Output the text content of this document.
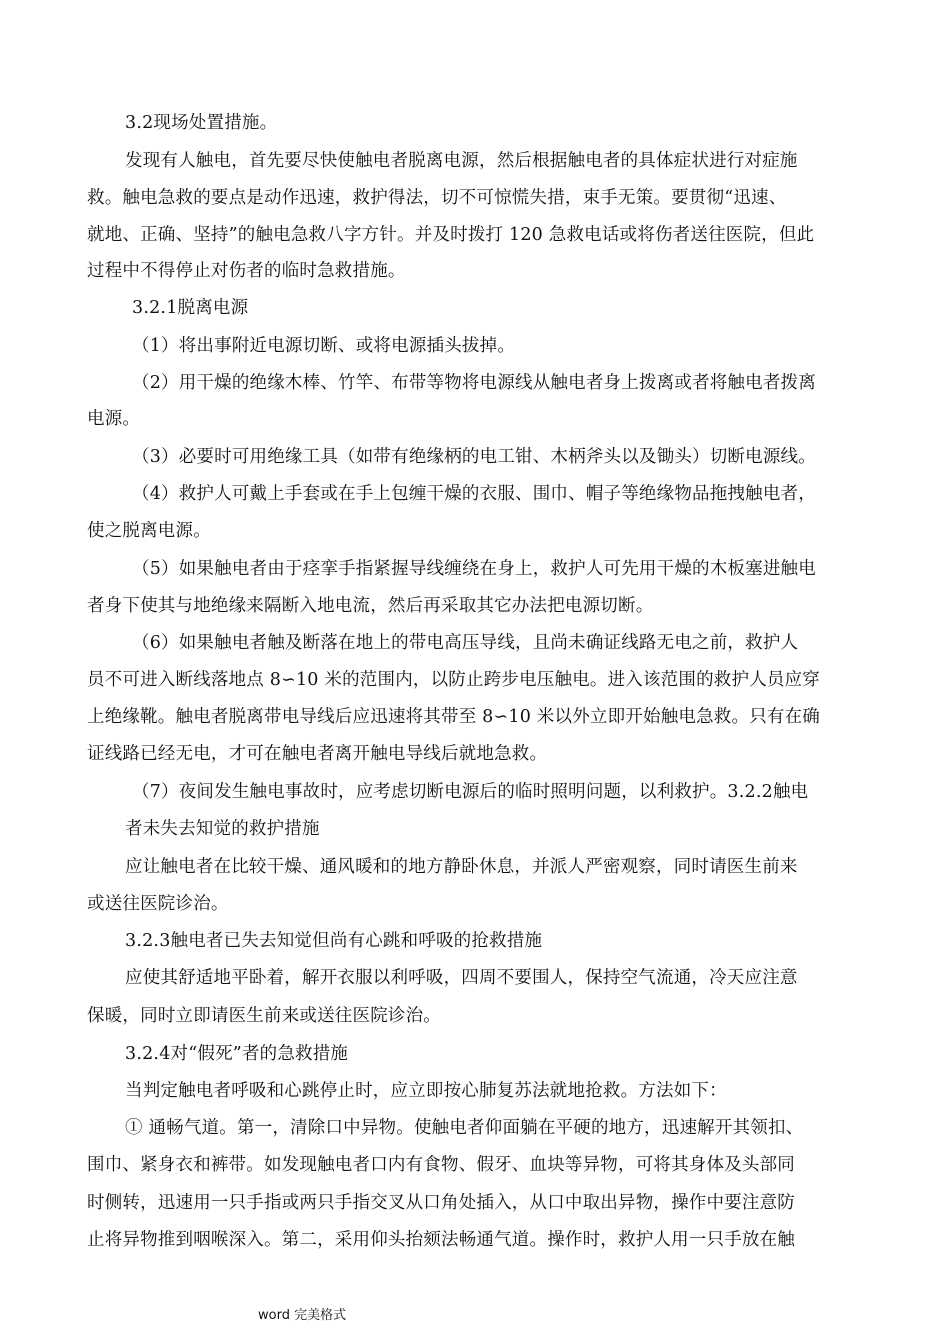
3.2现场处置措施。
发现有人触电，首先要尽快使触电者脱离电源，然后根据触电者的具体症状进行对症施
救。触电急救的要点是动作迅速，救护得法，切不可惊慌失措，束手无策。要贯彻“迅速、
就地、正确、坚持”的触电急救八字方针。并及时拨打 120 急救电话或将伤者送往医院，但此
过程中不得停止对伤者的临时急救措施。
3.2.1脱离电源
（1）将出事附近电源切断、或将电源插头拔掉。
（2）用干燥的绝缘木棒、竹竿、布带等物将电源线从触电者身上拨离或者将触电者拨离
电源。
（3）必要时可用绝缘工具（如带有绝缘柄的电工钳、木柄斧头以及锄头）切断电源线。
（4）救护人可戴上手套或在手上包缠干燥的衣服、围巾、帽子等绝缘物品拖拽触电者，
使之脱离电源。
（5）如果触电者由于痉挛手指紧握导线缠绕在身上，救护人可先用干燥的木板塞进触电
者身下使其与地绝缘来隔断入地电流，然后再采取其它办法把电源切断。
（6）如果触电者触及断落在地上的带电高压导线，且尚未确证线路无电之前，救护人
员不可进入断线落地点 8∽10 米的范围内，以防止跨步电压触电。进入该范围的救护人员应穿
上绝缘靴。触电者脱离带电导线后应迅速将其带至 8∽10 米以外立即开始触电急救。只有在确
证线路已经无电，才可在触电者离开触电导线后就地急救。
（7）夜间发生触电事故时，应考虑切断电源后的临时照明问题，以利救护。3.2.2触电
者未失去知觉的救护措施
应让触电者在比较干燥、通风暖和的地方静卧休息，并派人严密观察，同时请医生前来
或送往医院诊治。
3.2.3触电者已失去知觉但尚有心跳和呼吸的抢救措施
应使其舒适地平卧着，解开衣服以利呼吸，四周不要围人，保持空气流通，冷天应注意
保暖，同时立即请医生前来或送往医院诊治。
3.2.4对“假死”者的急救措施
当判定触电者呼吸和心跳停止时，应立即按心肺复苏法就地抢救。方法如下：
① 通畅气道。第一，清除口中异物。使触电者仰面躺在平硬的地方，迅速解开其领扣、
围巾、紧身衣和裤带。如发现触电者口内有食物、假牙、血块等异物，可将其身体及头部同
时侧转，迅速用一只手指或两只手指交叉从口角处插入，从口中取出异物，操作中要注意防
止将异物推到咽喉深入。第二，采用仰头抬颏法畅通气道。操作时，救护人用一只手放在触
word 完美格式
